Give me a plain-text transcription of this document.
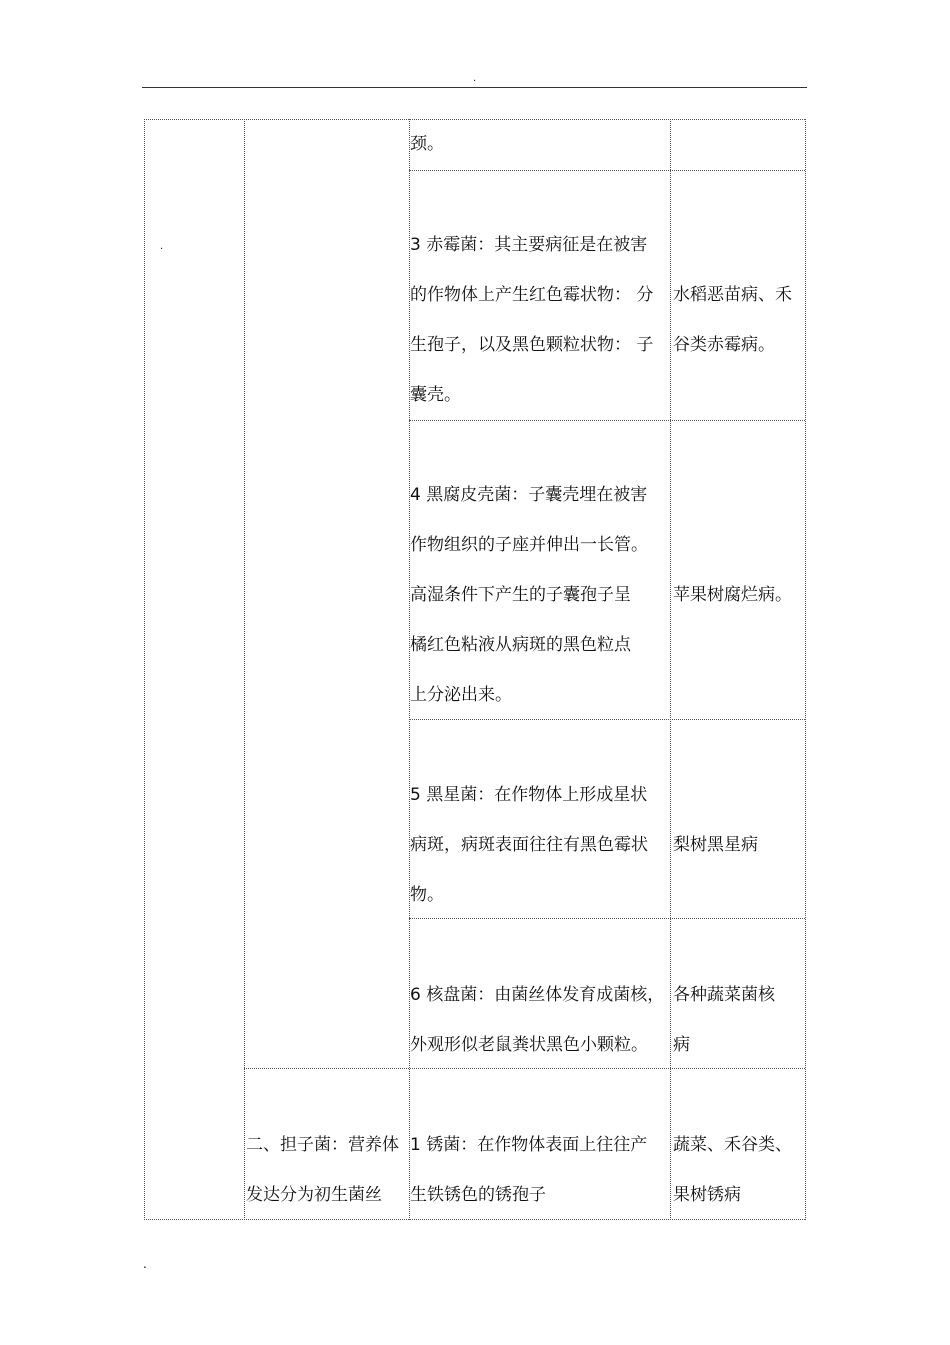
.
.
颈。
3 赤霉菌：其主要病征是在被害
的作物体上产生红色霉状物： 分
生孢子，以及黑色颗粒状物： 子
囊壳。
水稻恶苗病、禾
谷类赤霉病。
4 黑腐皮壳菌：子囊壳埋在被害
作物组织的子座并伸出一长管。
高湿条件下产生的子囊孢子呈
橘红色粘液从病斑的黑色粒点
上分泌出来。
苹果树腐烂病。
5 黑星菌：在作物体上形成星状
病斑，病斑表面往往有黑色霉状
物。
梨树黑星病
6 核盘菌：由菌丝体发育成菌核，
外观形似老鼠粪状黑色小颗粒。
各种蔬菜菌核
病
二、担子菌：营养体
发达分为初生菌丝
1 锈菌：在作物体表面上往往产
生铁锈色的锈孢子
蔬菜、禾谷类、
果树锈病
.
